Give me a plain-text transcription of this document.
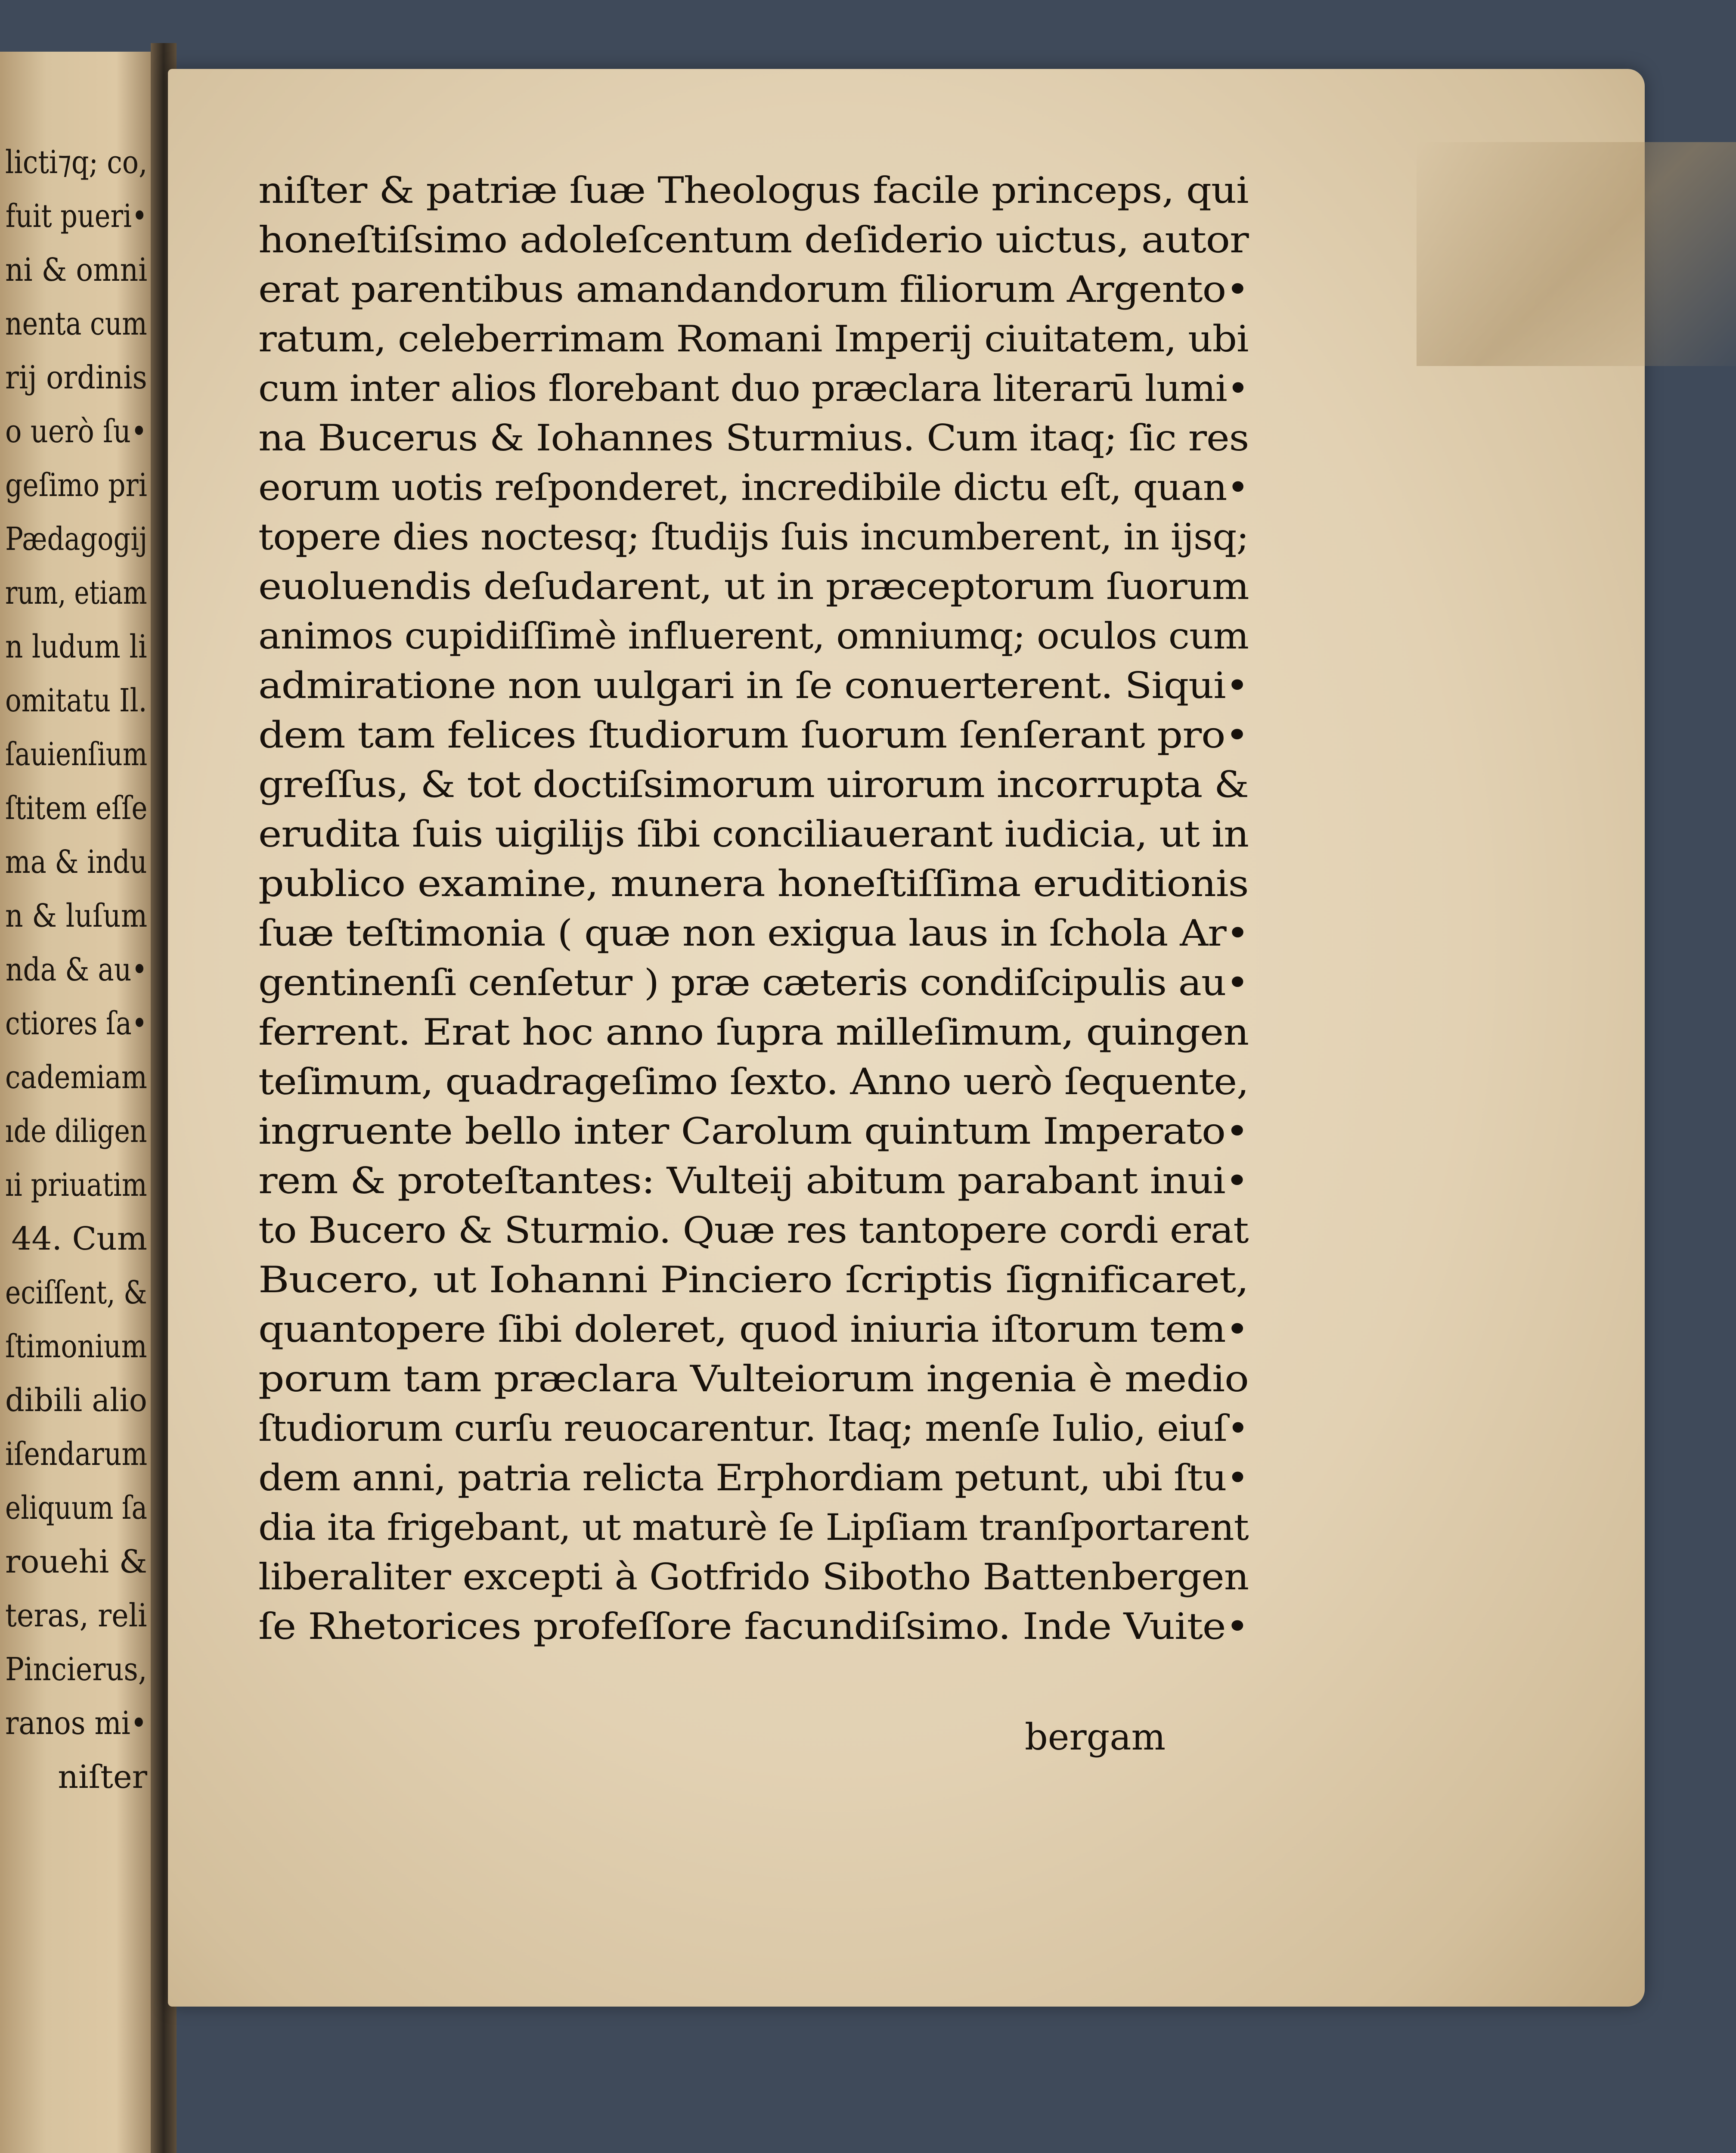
licti⁊q; co,
fuit pueri•
ni & omni
nenta cum
rij ordinis
o uerò ſu•
geſimo pri
Pædagogij
rum, etiam
n ludum li
omitatu Il.
ſauienſium
ſtitem eſſe
ma & indu
n & luſum
nda & au•
ctiores ſa•
cademiam
ıde diligen
ıi priuatim
44. Cum
eciſſent, &
ſtimonium
dibili alio
iſendarum
eliquum ſa
rouehi &
teras, reli
Pincierus,
ranos mi•
niſter
niſter & patriæ ſuæ Theologus facile princeps, qui
honeſtiſsimo adoleſcentum deſiderio uictus, autor
erat parentibus amandandorum filiorum Argento•
ratum, celeberrimam Romani Imperij ciuitatem, ubi
cum inter alios florebant duo præclara literarū lumi•
na Bucerus & Iohannes Sturmius. Cum itaq; ſic res
eorum uotis reſponderet, incredibile dictu eſt, quan•
topere dies noctesq; ſtudijs ſuis incumberent, in ijsq;
euoluendis deſudarent, ut in præceptorum ſuorum
animos cupidiſſimè influerent, omniumq; oculos cum
admiratione non uulgari in ſe conuerterent. Siqui•
dem tam felices ſtudiorum ſuorum ſenſerant pro•
greſſus, & tot doctiſsimorum uirorum incorrupta &
erudita ſuis uigilijs ſibi conciliauerant iudicia, ut in
publico examine, munera honeſtiſſima eruditionis
ſuæ teſtimonia ( quæ non exigua laus in ſchola Ar•
gentinenſi cenſetur ) præ cæteris condiſcipulis au•
ferrent. Erat hoc anno ſupra milleſimum, quingen
teſimum, quadrageſimo ſexto. Anno uerò ſequente,
ingruente bello inter Carolum quintum Imperato•
rem & proteſtantes: Vulteij abitum parabant inui•
to Bucero & Sturmio. Quæ res tantopere cordi erat
Bucero, ut Iohanni Pinciero ſcriptis ſignificaret,
quantopere ſibi doleret, quod iniuria iſtorum tem•
porum tam præclara Vulteiorum ingenia è medio
ſtudiorum curſu reuocarentur. Itaq; menſe Iulio, eiuſ•
dem anni, patria relicta Erphordiam petunt, ubi ſtu•
dia ita frigebant, ut maturè ſe Lipſiam tranſportarent
liberaliter excepti à Gotfrido Sibotho Battenbergen
ſe Rhetorices profeſſore facundiſsimo. Inde Vuite•
bergam
